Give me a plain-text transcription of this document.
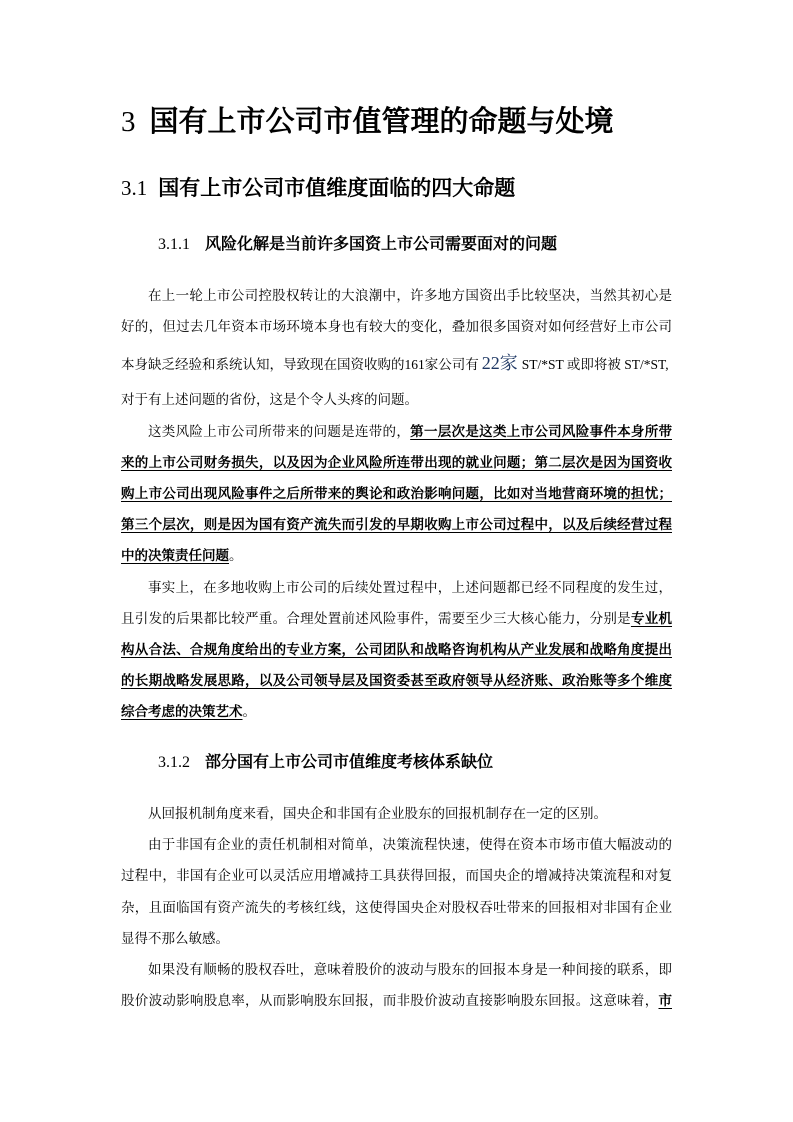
3 国有上市公司市值管理的命题与处境
3.1 国有上市公司市值维度面临的四大命题
3.1.1 风险化解是当前许多国资上市公司需要面对的问题
在上一轮上市公司控股权转让的大浪潮中，许多地方国资出手比较坚决，当然其初心是
好的，但过去几年资本市场环境本身也有较大的变化，叠加很多国资对如何经营好上市公司
本身缺乏经验和系统认知，导致现在国资收购的161家公司有 22家 ST/*ST 或即将被 ST/*ST,
对于有上述问题的省份，这是个令人头疼的问题。
这类风险上市公司所带来的问题是连带的，第一层次是这类上市公司风险事件本身所带
来的上市公司财务损失，以及因为企业风险所连带出现的就业问题；第二层次是因为国资收
购上市公司出现风险事件之后所带来的舆论和政治影响问题，比如对当地营商环境的担忧；
第三个层次，则是因为国有资产流失而引发的早期收购上市公司过程中，以及后续经营过程
中的决策责任问题。
事实上，在多地收购上市公司的后续处置过程中，上述问题都已经不同程度的发生过，
且引发的后果都比较严重。合理处置前述风险事件，需要至少三大核心能力，分别是专业机
构从合法、合规角度给出的专业方案，公司团队和战略咨询机构从产业发展和战略角度提出
的长期战略发展思路，以及公司领导层及国资委甚至政府领导从经济账、政治账等多个维度
综合考虑的决策艺术。
3.1.2 部分国有上市公司市值维度考核体系缺位
从回报机制角度来看，国央企和非国有企业股东的回报机制存在一定的区别。
由于非国有企业的责任机制相对简单，决策流程快速，使得在资本市场市值大幅波动的
过程中，非国有企业可以灵活应用增减持工具获得回报，而国央企的增减持决策流程和对复
杂，且面临国有资产流失的考核红线，这使得国央企对股权吞吐带来的回报相对非国有企业
显得不那么敏感。
如果没有顺畅的股权吞吐，意味着股价的波动与股东的回报本身是一种间接的联系，即
股价波动影响股息率，从而影响股东回报，而非股价波动直接影响股东回报。这意味着，市
